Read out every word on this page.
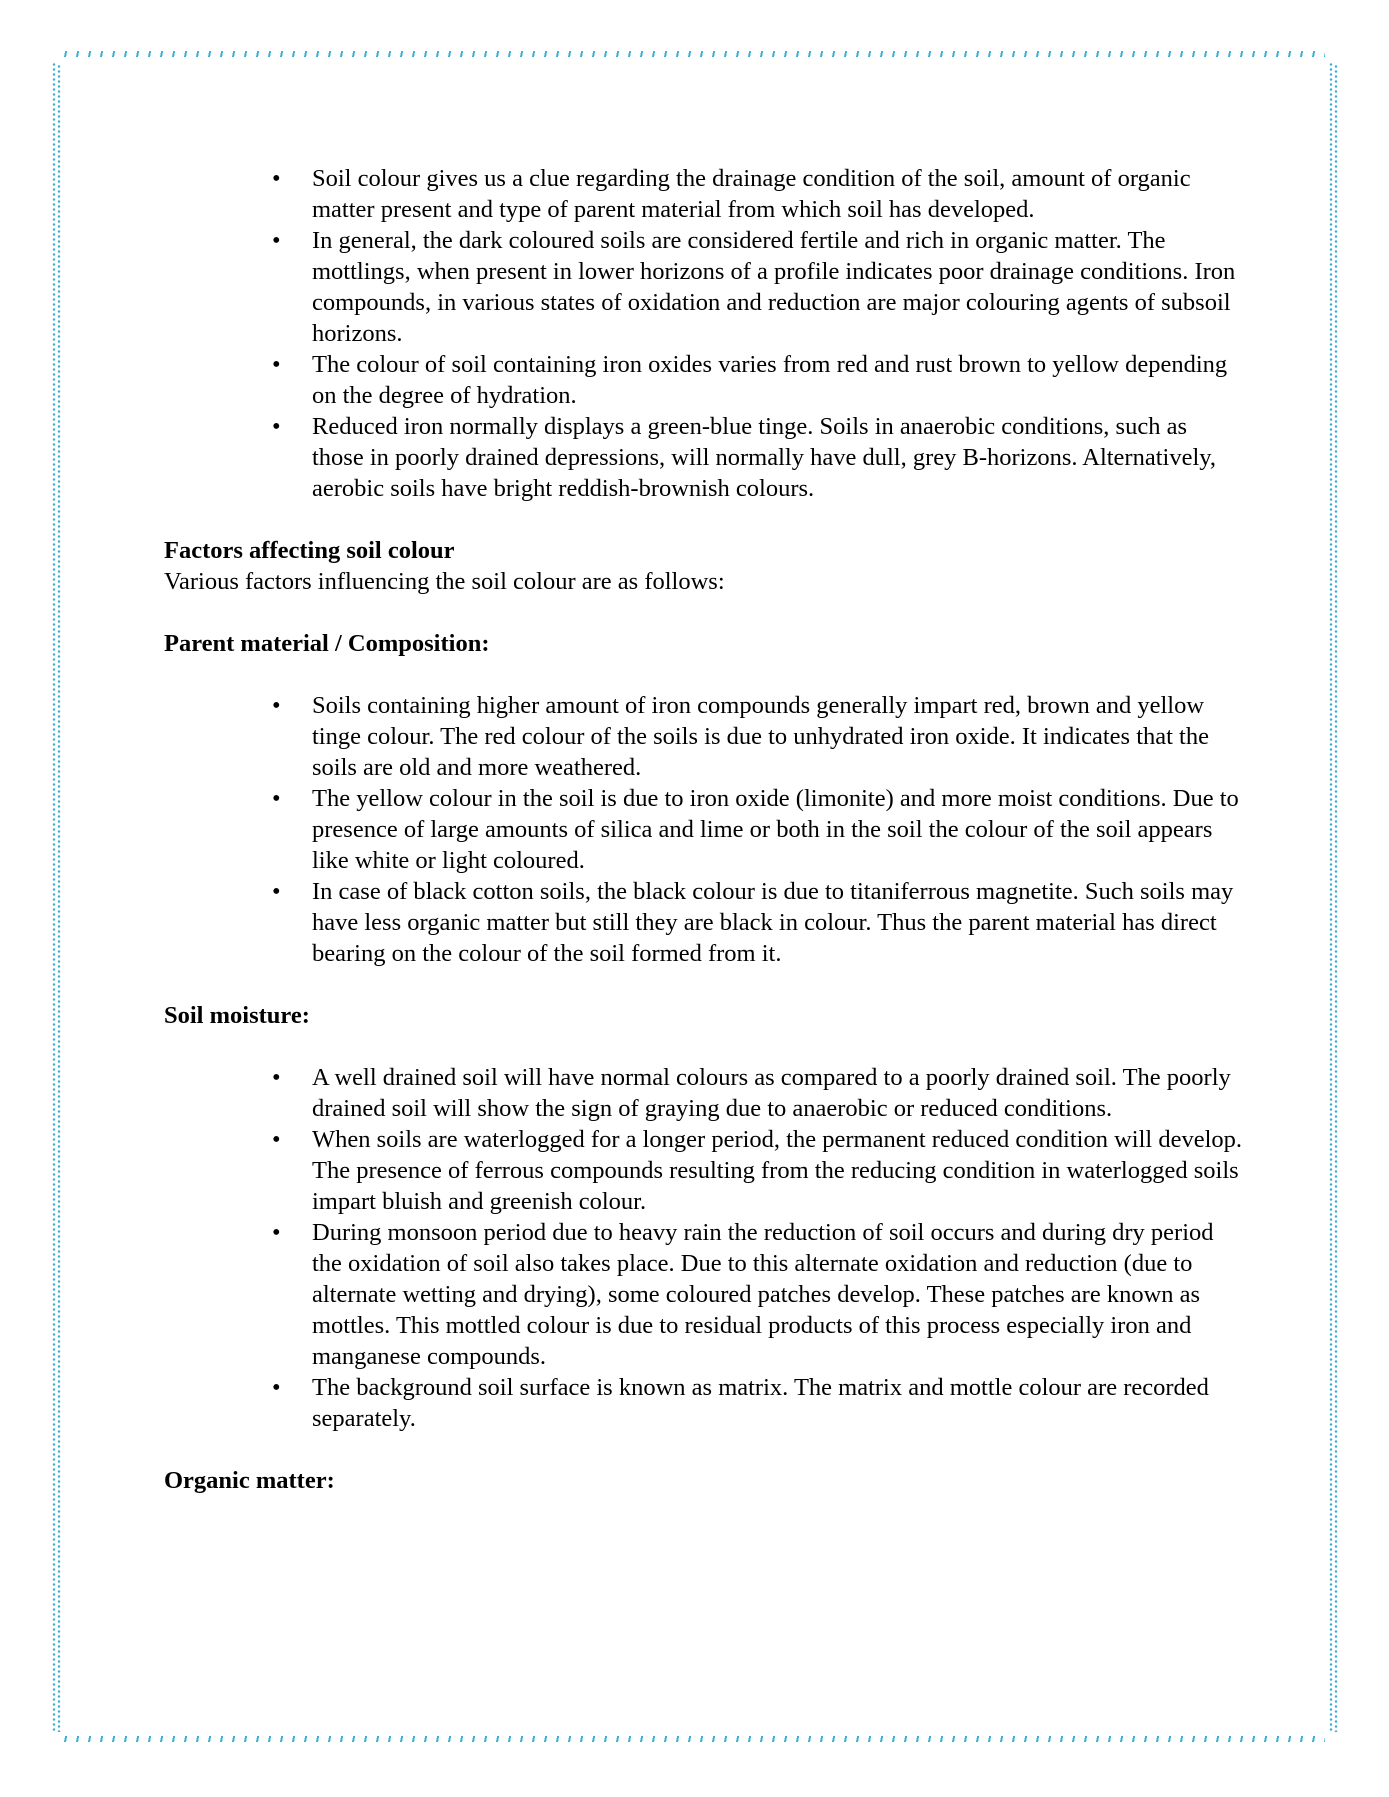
• Soil colour gives us a clue regarding the drainage condition of the soil, amount of organic matter present and type of parent material from which soil has developed.
• In general, the dark coloured soils are considered fertile and rich in organic matter. The mottlings, when present in lower horizons of a profile indicates poor drainage conditions. Iron compounds, in various states of oxidation and reduction are major colouring agents of subsoil horizons.
• The colour of soil containing iron oxides varies from red and rust brown to yellow depending on the degree of hydration.
• Reduced iron normally displays a green-blue tinge. Soils in anaerobic conditions, such as those in poorly drained depressions, will normally have dull, grey B-horizons. Alternatively, aerobic soils have bright reddish-brownish colours.

Factors affecting soil colour

Various factors influencing the soil colour are as follows:

Parent material / Composition:

• Soils containing higher amount of iron compounds generally impart red, brown and yellow tinge colour. The red colour of the soils is due to unhydrated iron oxide. It indicates that the soils are old and more weathered.
• The yellow colour in the soil is due to iron oxide (limonite) and more moist conditions. Due to presence of large amounts of silica and lime or both in the soil the colour of the soil appears like white or light coloured.
• In case of black cotton soils, the black colour is due to titaniferrous magnetite. Such soils may have less organic matter but still they are black in colour. Thus the parent material has direct bearing on the colour of the soil formed from it.

Soil moisture:

• A well drained soil will have normal colours as compared to a poorly drained soil. The poorly drained soil will show the sign of graying due to anaerobic or reduced conditions.
• When soils are waterlogged for a longer period, the permanent reduced condition will develop. The presence of ferrous compounds resulting from the reducing condition in waterlogged soils impart bluish and greenish colour.
• During monsoon period due to heavy rain the reduction of soil occurs and during dry period the oxidation of soil also takes place. Due to this alternate oxidation and reduction (due to alternate wetting and drying), some coloured patches develop. These patches are known as mottles. This mottled colour is due to residual products of this process especially iron and manganese compounds.
• The background soil surface is known as matrix. The matrix and mottle colour are recorded separately.

Organic matter:
